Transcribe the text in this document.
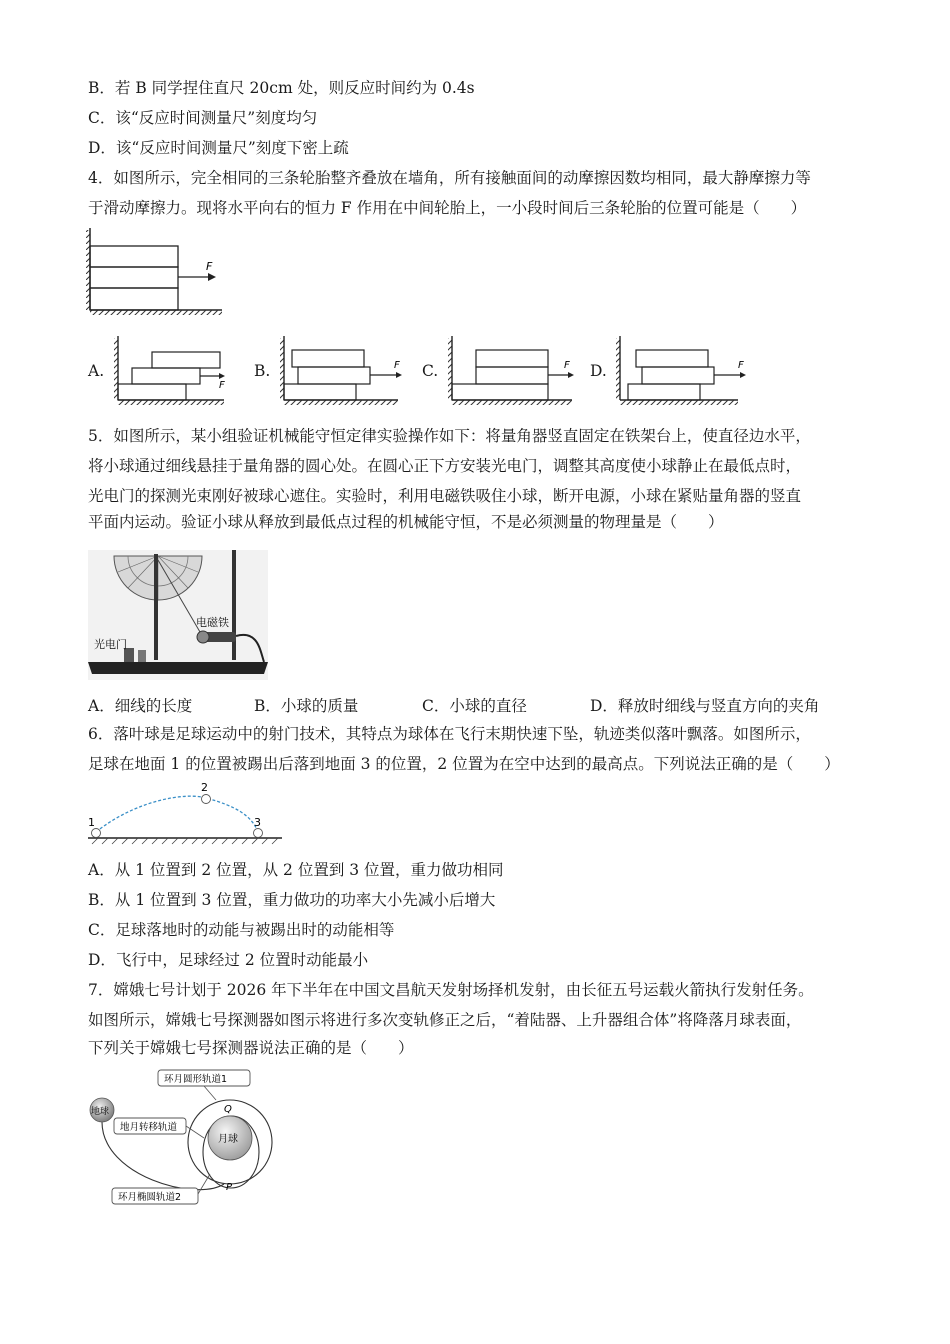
B．若 B 同学捏住直尺 20cm 处，则反应时间约为 0.4s
C．该“反应时间测量尺”刻度均匀
D．该“反应时间测量尺”刻度下密上疏
4．如图所示，完全相同的三条轮胎整齐叠放在墙角，所有接触面间的动摩擦因数均相同，最大静摩擦力等
于滑动摩擦力。现将水平向右的恒力 F 作用在中间轮胎上，一小段时间后三条轮胎的位置可能是（　　）
F
A.
F
B.	F C.	F D.	F
5．如图所示，某小组验证机械能守恒定律实验操作如下：将量角器竖直固定在铁架台上，使直径边水平，
将小球通过细线悬挂于量角器的圆心处。在圆心正下方安装光电门，调整其高度使小球静止在最低点时，
光电门的探测光束刚好被球心遮住。实验时，利用电磁铁吸住小球，断开电源，小球在紧贴量角器的竖直
平面内运动。验证小球从释放到最低点过程的机械能守恒，不是必须测量的物理量是（　　）
电磁铁
光电门
A．细线的长度	B．小球的质量	C．小球的直径	D．释放时细线与竖直方向的夹角
6．落叶球是足球运动中的射门技术，其特点为球体在飞行末期快速下坠，轨迹类似落叶飘落。如图所示，
足球在地面 1 的位置被踢出后落到地面 3 的位置，2 位置为在空中达到的最高点。下列说法正确的是（　　）
1
2
3
A．从 1 位置到 2 位置，从 2 位置到 3 位置，重力做功相同
B．从 1 位置到 3 位置，重力做功的功率大小先减小后增大
C．足球落地时的动能与被踢出时的动能相等
D．飞行中，足球经过 2 位置时动能最小
7．嫦娥七号计划于 2026 年下半年在中国文昌航天发射场择机发射，由长征五号运载火箭执行发射任务。
如图所示，嫦娥七号探测器如图示将进行多次变轨修正之后，“着陆器、上升器组合体”将降落月球表面，
下列关于嫦娥七号探测器说法正确的是（　　）
月球
地球
环月圆形轨道1
地月转移轨道
环月椭圆轨道2
Q
P
